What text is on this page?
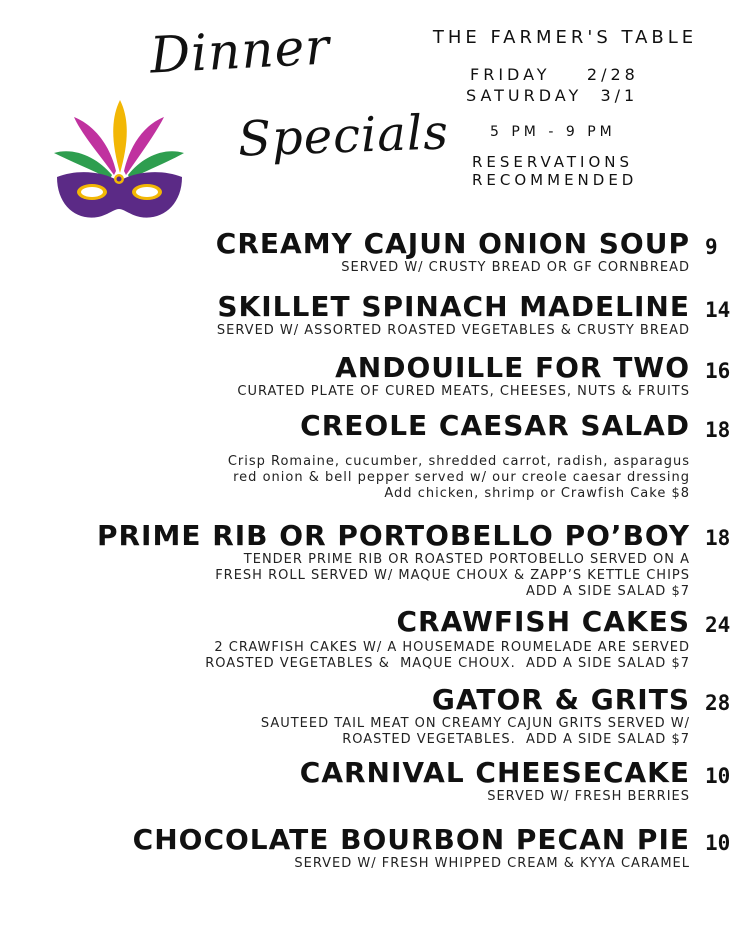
Dinner
Specials
THE FARMER'S TABLE
FRIDAY    2/28
SATURDAY  3/1
5 PM - 9 PM
RESERVATIONS
RECOMMENDED
CREAMY CAJUN ONION SOUP
SERVED W/ CRUSTY BREAD OR GF CORNBREAD
9
SKILLET SPINACH MADELINE
SERVED W/ ASSORTED ROASTED VEGETABLES & CRUSTY BREAD
14
ANDOUILLE FOR TWO
CURATED PLATE OF CURED MEATS, CHEESES, NUTS & FRUITS
16
CREOLE CAESAR SALAD
Crisp Romaine, cucumber, shredded carrot, radish, asparagus
red onion & bell pepper served w/ our creole caesar dressing
Add chicken, shrimp or Crawfish Cake $8
18
PRIME RIB OR PORTOBELLO PO’BOY
TENDER PRIME RIB OR ROASTED PORTOBELLO SERVED ON A
FRESH ROLL SERVED W/ MAQUE CHOUX & ZAPP’S KETTLE CHIPS
ADD A SIDE SALAD $7
18
CRAWFISH CAKES
2 CRAWFISH CAKES W/ A HOUSEMADE ROUMELADE ARE SERVED
ROASTED VEGETABLES &  MAQUE CHOUX.  ADD A SIDE SALAD $7
24
GATOR & GRITS
SAUTEED TAIL MEAT ON CREAMY CAJUN GRITS SERVED W/
ROASTED VEGETABLES.  ADD A SIDE SALAD $7
28
CARNIVAL CHEESECAKE
SERVED W/ FRESH BERRIES
10
CHOCOLATE BOURBON PECAN PIE
SERVED W/ FRESH WHIPPED CREAM & KYYA CARAMEL
10
